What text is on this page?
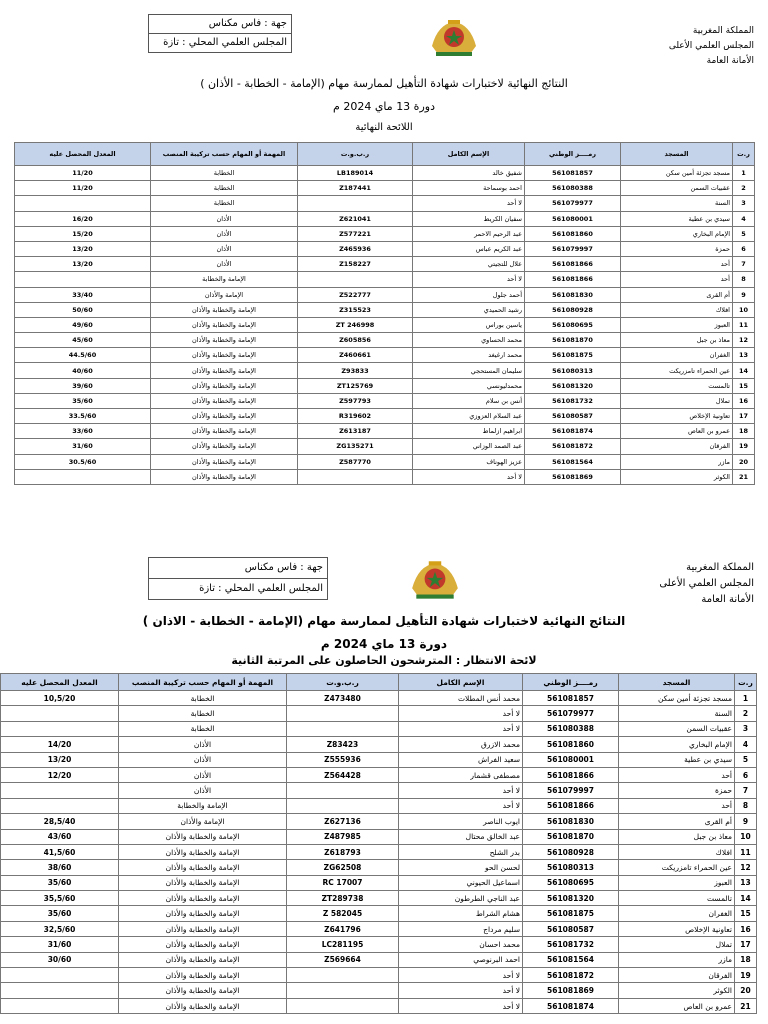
المملكة المغربية
المجلس العلمي الأعلى
الأمانة العامة
جهة : فاس مكناس
المجلس العلمي المحلي : تازة
النتائج النهائية لاختبارات شهادة التأهيل لممارسة مهام (الإمامة - الخطابة - الأذان )
دورة 13 ماي 2024 م
اللائحة النهائية
ر.ت	المسجد	رمــــز الوطني	الإسم الكامل	ر.ب.و.ت	المهمة أو المهام حسب تركيبة المنصب	المعدل المحصل عليه
1	مسجد تجزئة أمين سكن	561081857	شفيق خالد	LB189014	الخطابة	11/20
2	عقبيات السمن	561080388	احمد بوسماحة	Z187441	الخطابة	11/20
3	السنة	561079977	لا أحد		الخطابة	
4	سيدي بن عطية	561080001	سفيان الكريط	Z621041	الأذان	16/20
5	الإمام البخاري	561081860	عبد الرحيم الاحمر	Z577221	الأذان	15/20
6	حمزة	561079997	عبد الكريم عباس	Z465936	الأذان	13/20
7	أحد	561081866	علال للتجيتي	Z158227	الأذان	13/20
8	أحد	561081866	لا أحد		الإمامة والخطابة	
9	أم القرى	561081830	أحمد جلول	Z522777	الإمامة والأذان	33/40
10	افلاك	561080928	رشيد الحميدي	Z315523	الإمامة والخطابة والأذان	50/60
11	العبوز	561080695	ياسين بوراس	ZT 246998	الإمامة والخطابة والأذان	49/60
12	معاذ بن جبل	561081870	محمد الحساوي	Z605856	الإمامة والخطابة والأذان	45/60
13	الغفران	561081875	محمد ارغيغد	Z460661	الإمامة والخطابة والأذان	44.5/60
14	عين الحمراء تامزريكت	561080313	سليمان المستحجي	Z93833	الإمامة والخطابة والأذان	40/60
15	تالمست	561081320	محمدليونسي	ZT125769	الإمامة والخطابة والأذان	39/60
16	تملال	561081732	أنس بن سلام	Z597793	الإمامة والخطابة والأذان	35/60
17	تعاونية الإخلاص	561080587	عبد السلام العزوزي	R319602	الإمامة والخطابة والأذان	33.5/60
18	عمرو بن العاص	561081874	ابراهيم ازلماط	Z613187	الإمامة والخطابة والأذان	33/60
19	الفرقان	561081872	عبد الصمد الوزاني	ZG135271	الإمامة والخطابة والأذان	31/60
20	مازر	561081564	عزيز الهوناف	Z587770	الإمامة والخطابة والأذان	30.5/60
21	الكوثر	561081869	لا أحد		الإمامة والخطابة والأذان	
المملكة المغربية
المجلس العلمي الأعلى
الأمانة العامة
جهة : فاس مكناس
المجلس العلمي المحلي : تازة
النتائج النهائية لاختبارات شهادة التأهيل لممارسة مهام (الإمامة - الخطابة - الاذان )
دورة 13 ماي 2024 م
لائحة الانتظار : المترشحون الحاصلون على المرتبة الثانية
ر.ت	المسجد	رمــــز الوطني	الإسم الكامل	ر.ب.و.ت	المهمة أو المهام حسب تركيبة المنصب	المعدل المحصل عليه
1	مسجد تجزئة أمين سكن	561081857	محمد أنس المطلات	Z473480	الخطابة	10,5/20
2	السنة	561079977	لا أحد		الخطابة	
3	عقبيات السمن	561080388	لا أحد		الخطابة	
4	الإمام البخاري	561081860	محمد الازرق	Z83423	الأذان	14/20
5	سيدي بن عطية	561080001	سعيد الفراش	Z555936	الأذان	13/20
6	أحد	561081866	مصطفى قشمار	Z564428	الأذان	12/20
7	حمزة	561079997	لا أحد		الأذان	
8	أحد	561081866	لا أحد		الإمامة والخطابة	
9	أم القرى	561081830	ايوب الناصر	Z627136	الإمامة والأذان	28,5/40
10	معاذ بن جبل	561081870	عبد الخالق محتال	Z487985	الإمامة والخطابة والأذان	43/60
11	افلاك	561080928	بدر الشلح	Z618793	الإمامة والخطابة والأذان	41,5/60
12	عين الحمراء تامزريكت	561080313	لحسن الحو	ZG62508	الإمامة والخطابة والأذان	38/60
13	العبوز	561080695	اسماعيل الحيوني	RC 17007	الإمامة والخطابة والأذان	35/60
14	تالمست	561081320	عبد الناجي الطرطون	ZT289738	الإمامة والخطابة والأذان	35,5/60
15	الغفران	561081875	هشام الشراط	Z 582045	الإمامة والخطابة والأذان	35/60
16	تعاونية الإخلاص	561080587	سليم مرداج	Z641796	الإمامة والخطابة والأذان	32,5/60
17	تملال	561081732	محمد احسان	LC281195	الإمامة والخطابة والأذان	31/60
18	مازر	561081564	احمد البرنوصي	Z569664	الإمامة والخطابة والأذان	30/60
19	الفرقان	561081872	لا أحد		الإمامة والخطابة والأذان	
20	الكوثر	561081869	لا أحد		الإمامة والخطابة والأذان	
21	عمرو بن العاص	561081874	لا أحد		الإمامة والخطابة والأذان	
